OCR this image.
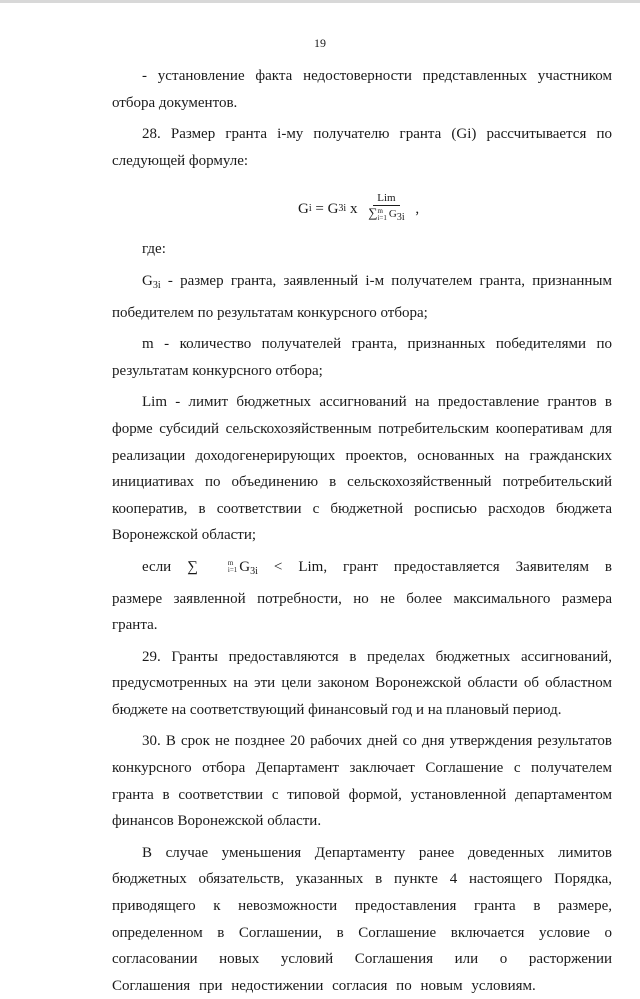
19

- установление факта недостоверности представленных участником отбора документов.

28. Размер гранта i-му получателю гранта (Gi) рассчитывается по следующей формуле:

G i
= G 3i
х
Lim
∑ m
i=1 $G_{3i}$
,

где:

$G_{3i}$ - размер гранта, заявленный i-м получателем гранта, признанным победителем по результатам конкурсного отбора;

m - количество получателей гранта, признанных победителями по результатам конкурсного отбора;

Lim - лимит бюджетных ассигнований на предоставление грантов в форме субсидий сельскохозяйственным потребительским кооперативам для реализации доходогенерирующих проектов, основанных на гражданских инициативах по объединению в сельскохозяйственный потребительский кооператив, в соответствии с бюджетной росписью расходов бюджета Воронежской области;

если ∑	m
i=1 $G_{3i}$ < Lim, грант предоставляется Заявителям в размере заявленной потребности, но не более максимального размера гранта.

29. Гранты предоставляются в пределах бюджетных ассигнований, предусмотренных на эти цели законом Воронежской области об областном бюджете на соответствующий финансовый год и на плановый период.

30. В срок не позднее 20 рабочих дней со дня утверждения результатов конкурсного отбора Департамент заключает Соглашение с получателем гранта в соответствии с типовой формой, установленной департаментом финансов Воронежской области.

В случае уменьшения Департаменту ранее доведенных лимитов бюджетных обязательств, указанных в пункте 4 настоящего Порядка, приводящего к невозможности предоставления гранта в размере, определенном в Соглашении, в Соглашение включается условие о согласовании новых условий Соглашения или о расторжении Соглашения при недостижении согласия по новым условиям.
